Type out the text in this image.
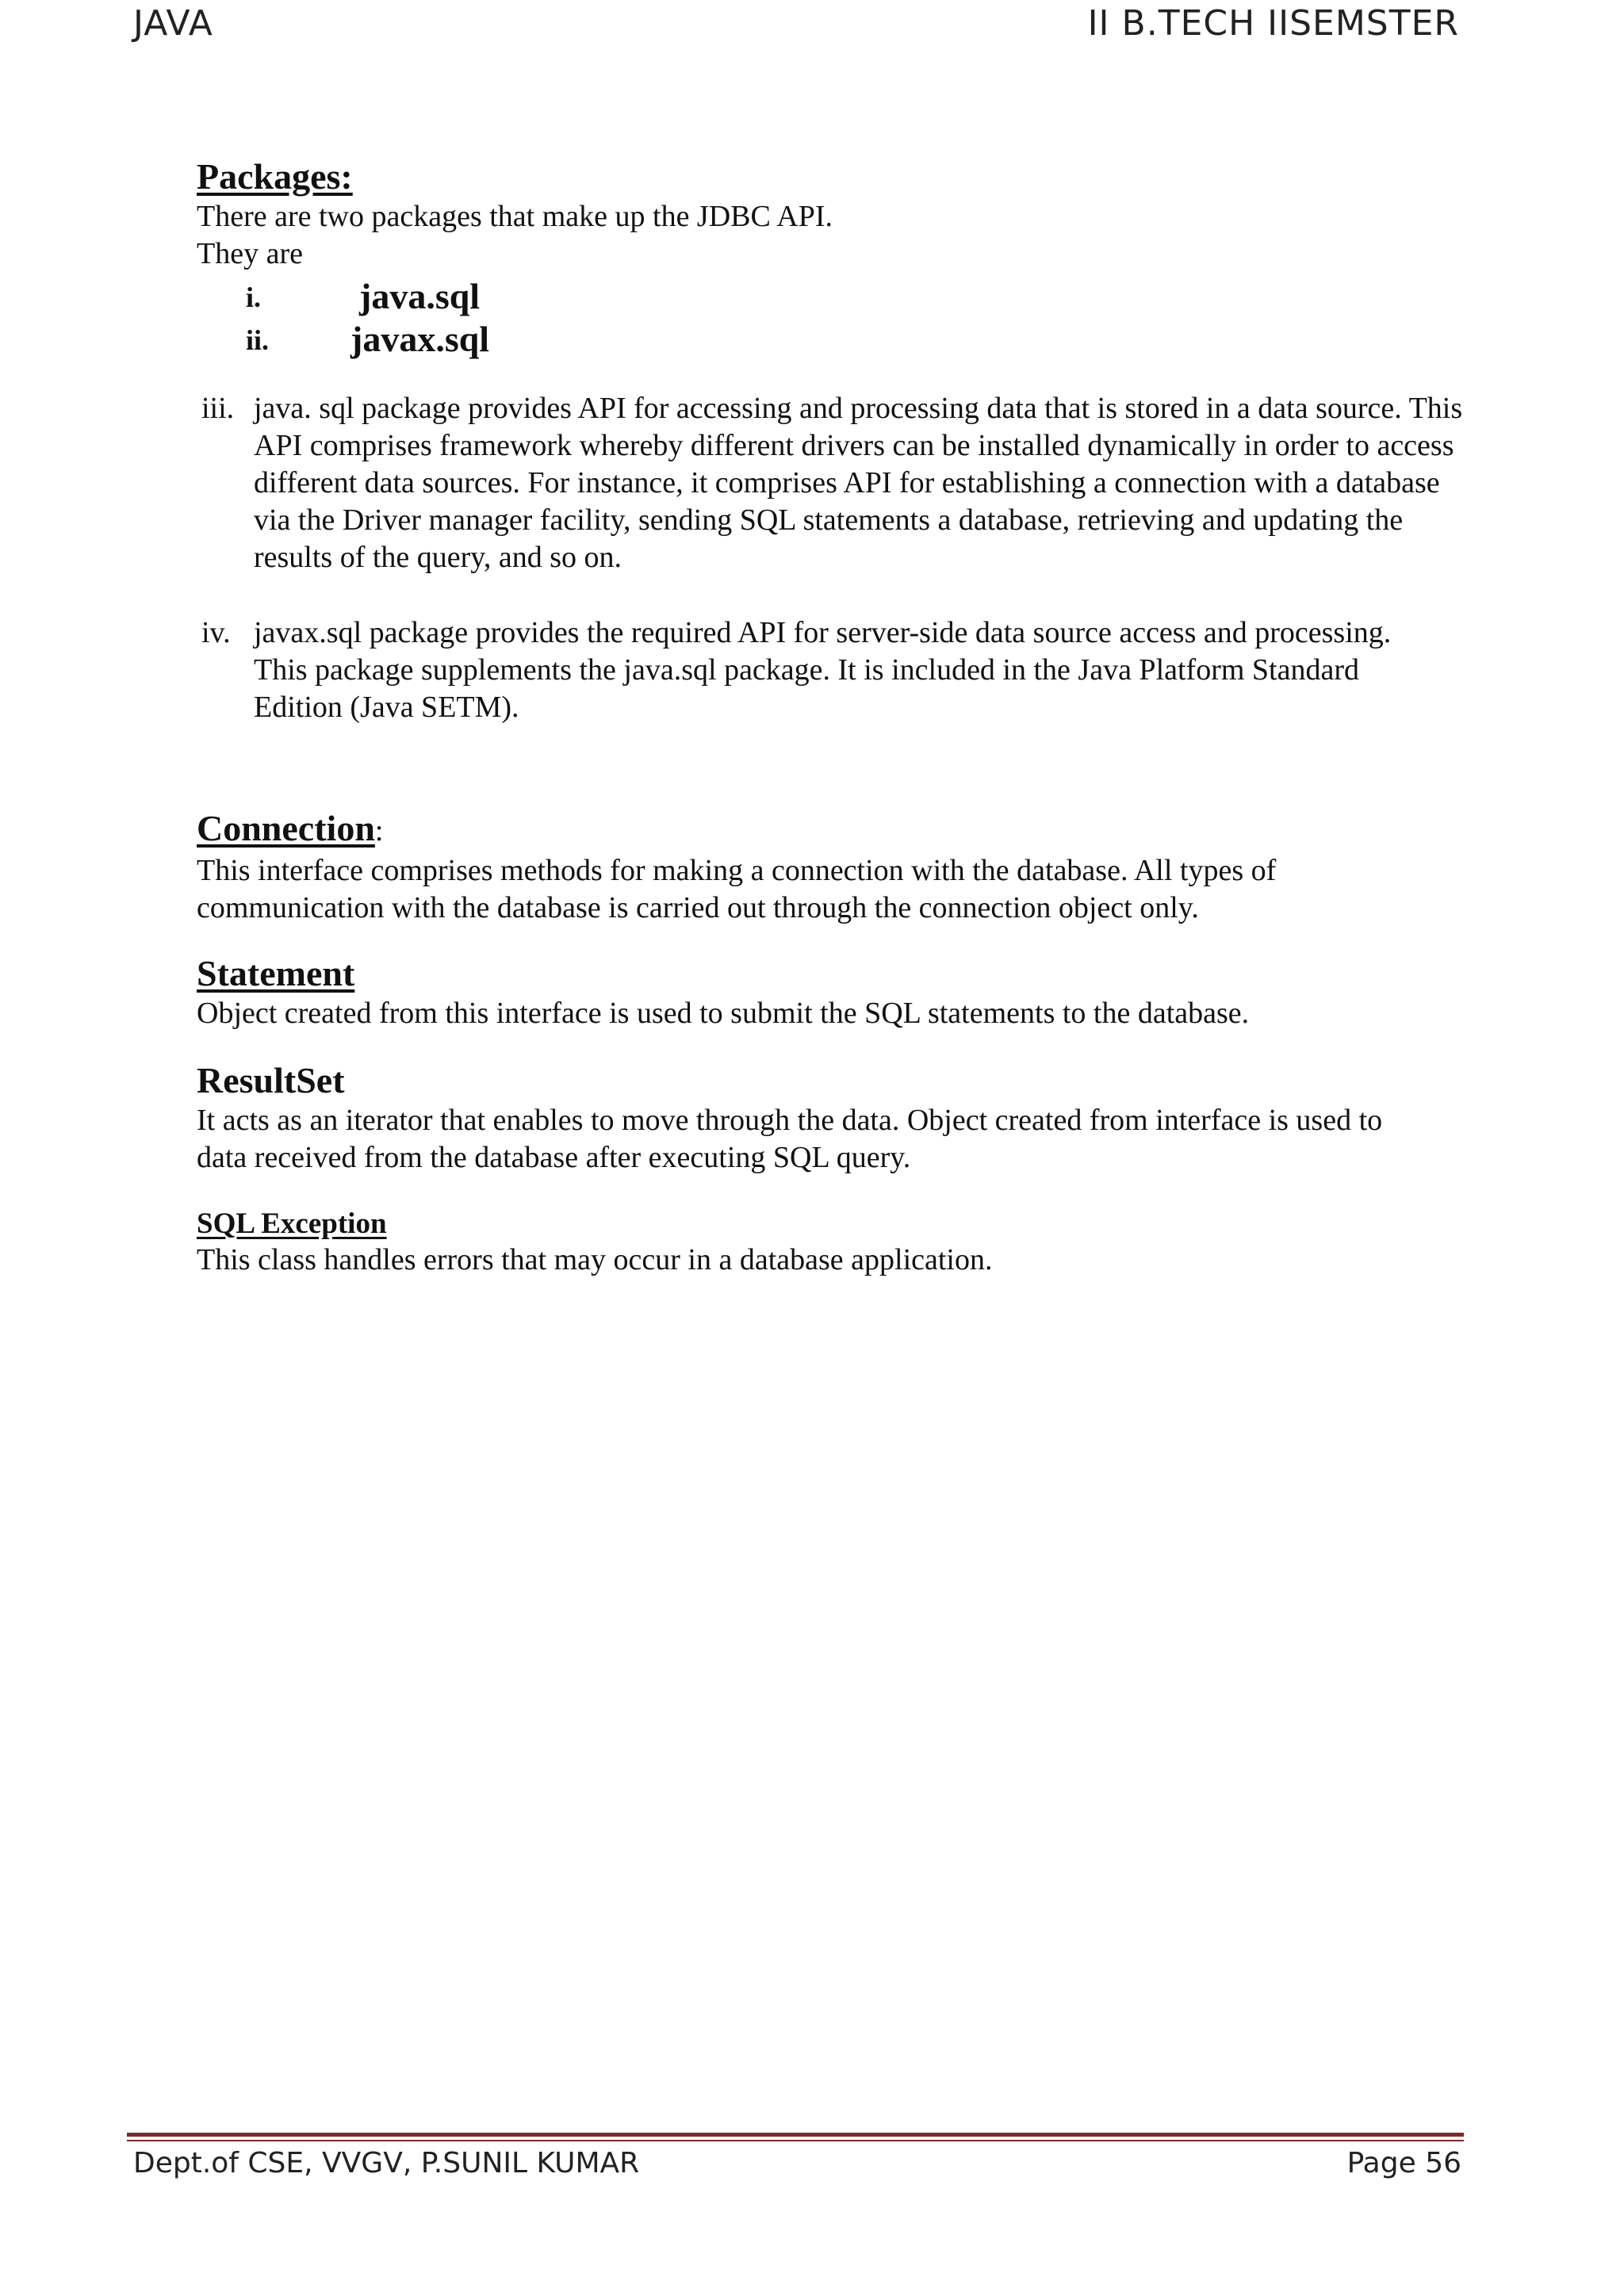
JAVA	II B.TECH IISEMSTER
Packages:

There are two packages that make up the JDBC API.

They are

i.	java.sql
ii. javax.sql
iii. java. sql package provides API for accessing and processing data that is stored in a data source. This API comprises framework whereby different drivers can be installed dynamically in order to access different data sources. For instance, it comprises API for establishing a connection with a database via the Driver manager facility, sending SQL statements a database, retrieving and updating the results of the query, and so on.
iv. javax.sql package provides the required API for server-side data source access and processing. This package supplements the java.sql package. It is included in the Java Platform Standard Edition (Java SETM).
Connection:

This interface comprises methods for making a connection with the database. All types of communication with the database is carried out through the connection object only.

Statement

Object created from this interface is used to submit the SQL statements to the database.

ResultSet

It acts as an iterator that enables to move through the data. Object created from interface is used to data received from the database after executing SQL query.

SQL Exception

This class handles errors that may occur in a database application.

Dept.of CSE, VVGV, P.SUNIL KUMAR	Page 56
